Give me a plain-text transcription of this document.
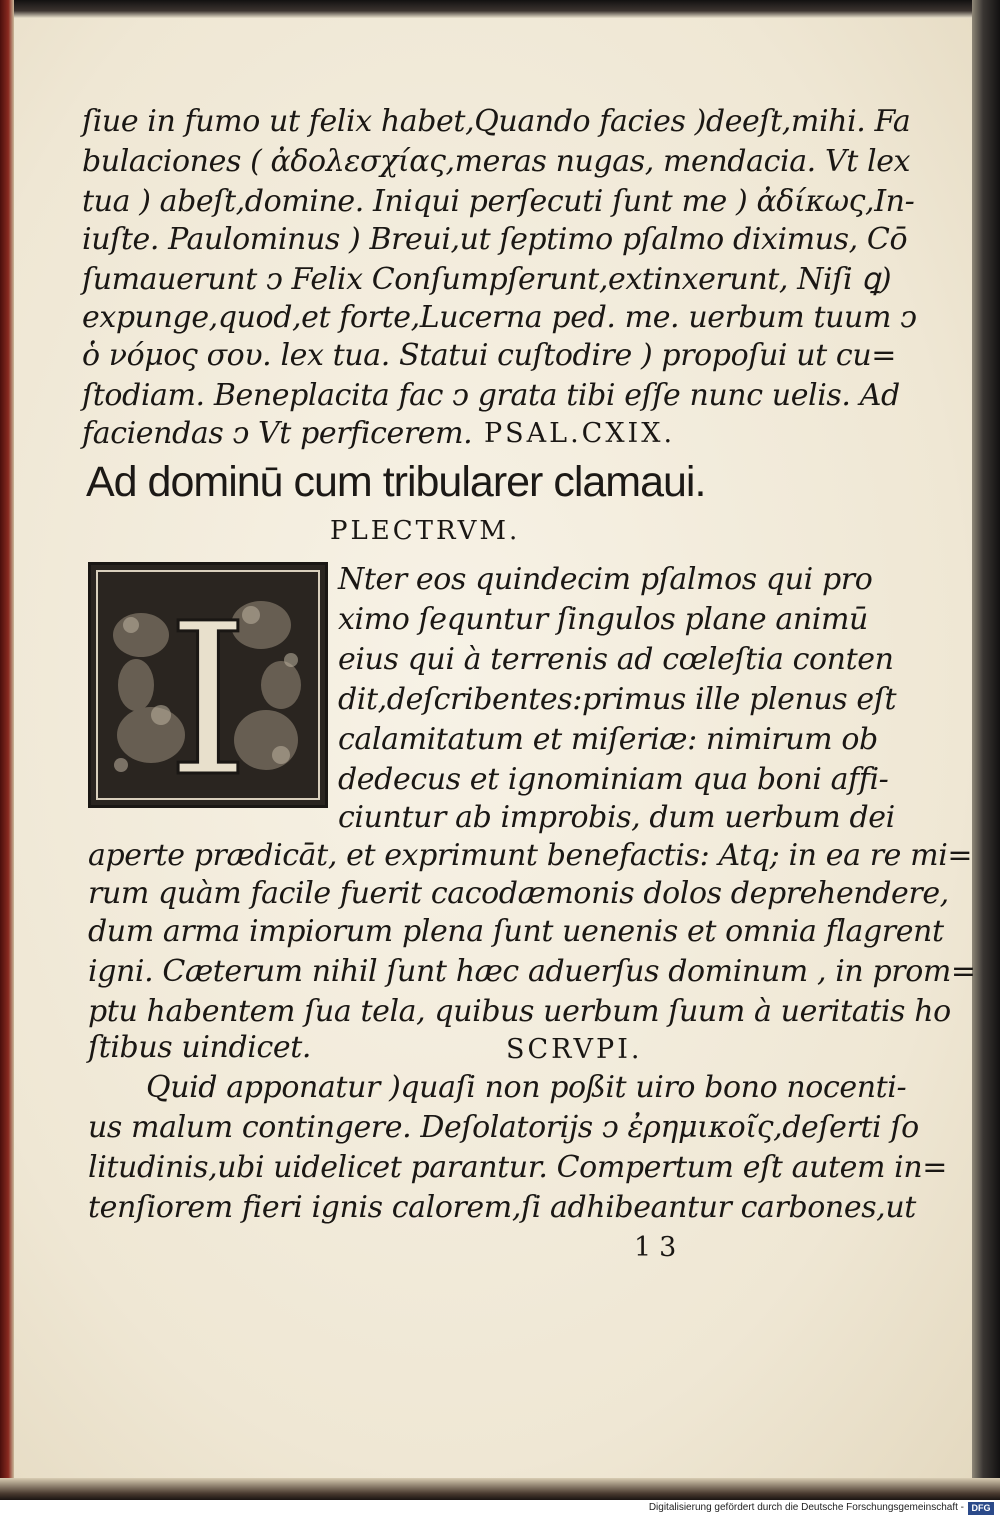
ſiue in fumo ut felix habet,Quando facies )deeſt,mihi. Fa
bulaciones ( ἀδολεσχίας,meras nugas, mendacia. Vt lex
tua ) abeſt,domine. Iniqui perſecuti ſunt me ) ἀδίκως,In-
iuſte. Paulominus ) Breui,ut ſeptimo pſalmo diximus, Cō
ſumauerunt ↄ Felix Conſumpſerunt,extinxerunt, Niſi ꝗ)
expunge,quod,et forte,Lucerna ped. me. uerbum tuum ↄ
ὁ νόμος σου. lex tua. Statui cuſtodire ) propoſui ut cu=
ſtodiam. Beneplacita fac ↄ grata tibi eſſe nunc uelis. Ad
faciendas ↄ Vt perficerem. PSAL.CXIX.
Ad dominū cum tribularer clamaui.
PLECTRVM.
I	Nter eos quindecim pſalmos qui pro
ximo ſequntur ſingulos plane animū
eius qui à terrenis ad cœleſtia conten
dit,deſcribentes:primus ille plenus eſt
calamitatum et miſeriæ: nimirum ob
dedecus et ignominiam qua boni affi-
ciuntur ab improbis, dum uerbum dei
aperte prædicāt, et exprimunt benefactis: Atq; in ea re mi=
rum quàm facile fuerit cacodæmonis dolos deprehendere,
dum arma impiorum plena ſunt uenenis et omnia flagrent
igni. Cæterum nihil ſunt hæc aduerſus dominum , in prom=
ptu habentem ſua tela, quibus uerbum ſuum à ueritatis ho
ſtibus uindicet.	SCRVPI.
Quid apponatur )quaſi non poßit uiro bono nocenti-
us malum contingere. Deſolatorijs ↄ ἐρημικοῖς,deſerti ſo
litudinis,ubi uidelicet parantur. Compertum eſt autem in=
tenſiorem fieri ignis calorem,ſi adhibeantur carbones,ut
13
Digitalisierung gefördert durch die Deutsche Forschungsgemeinschaft - DFG
